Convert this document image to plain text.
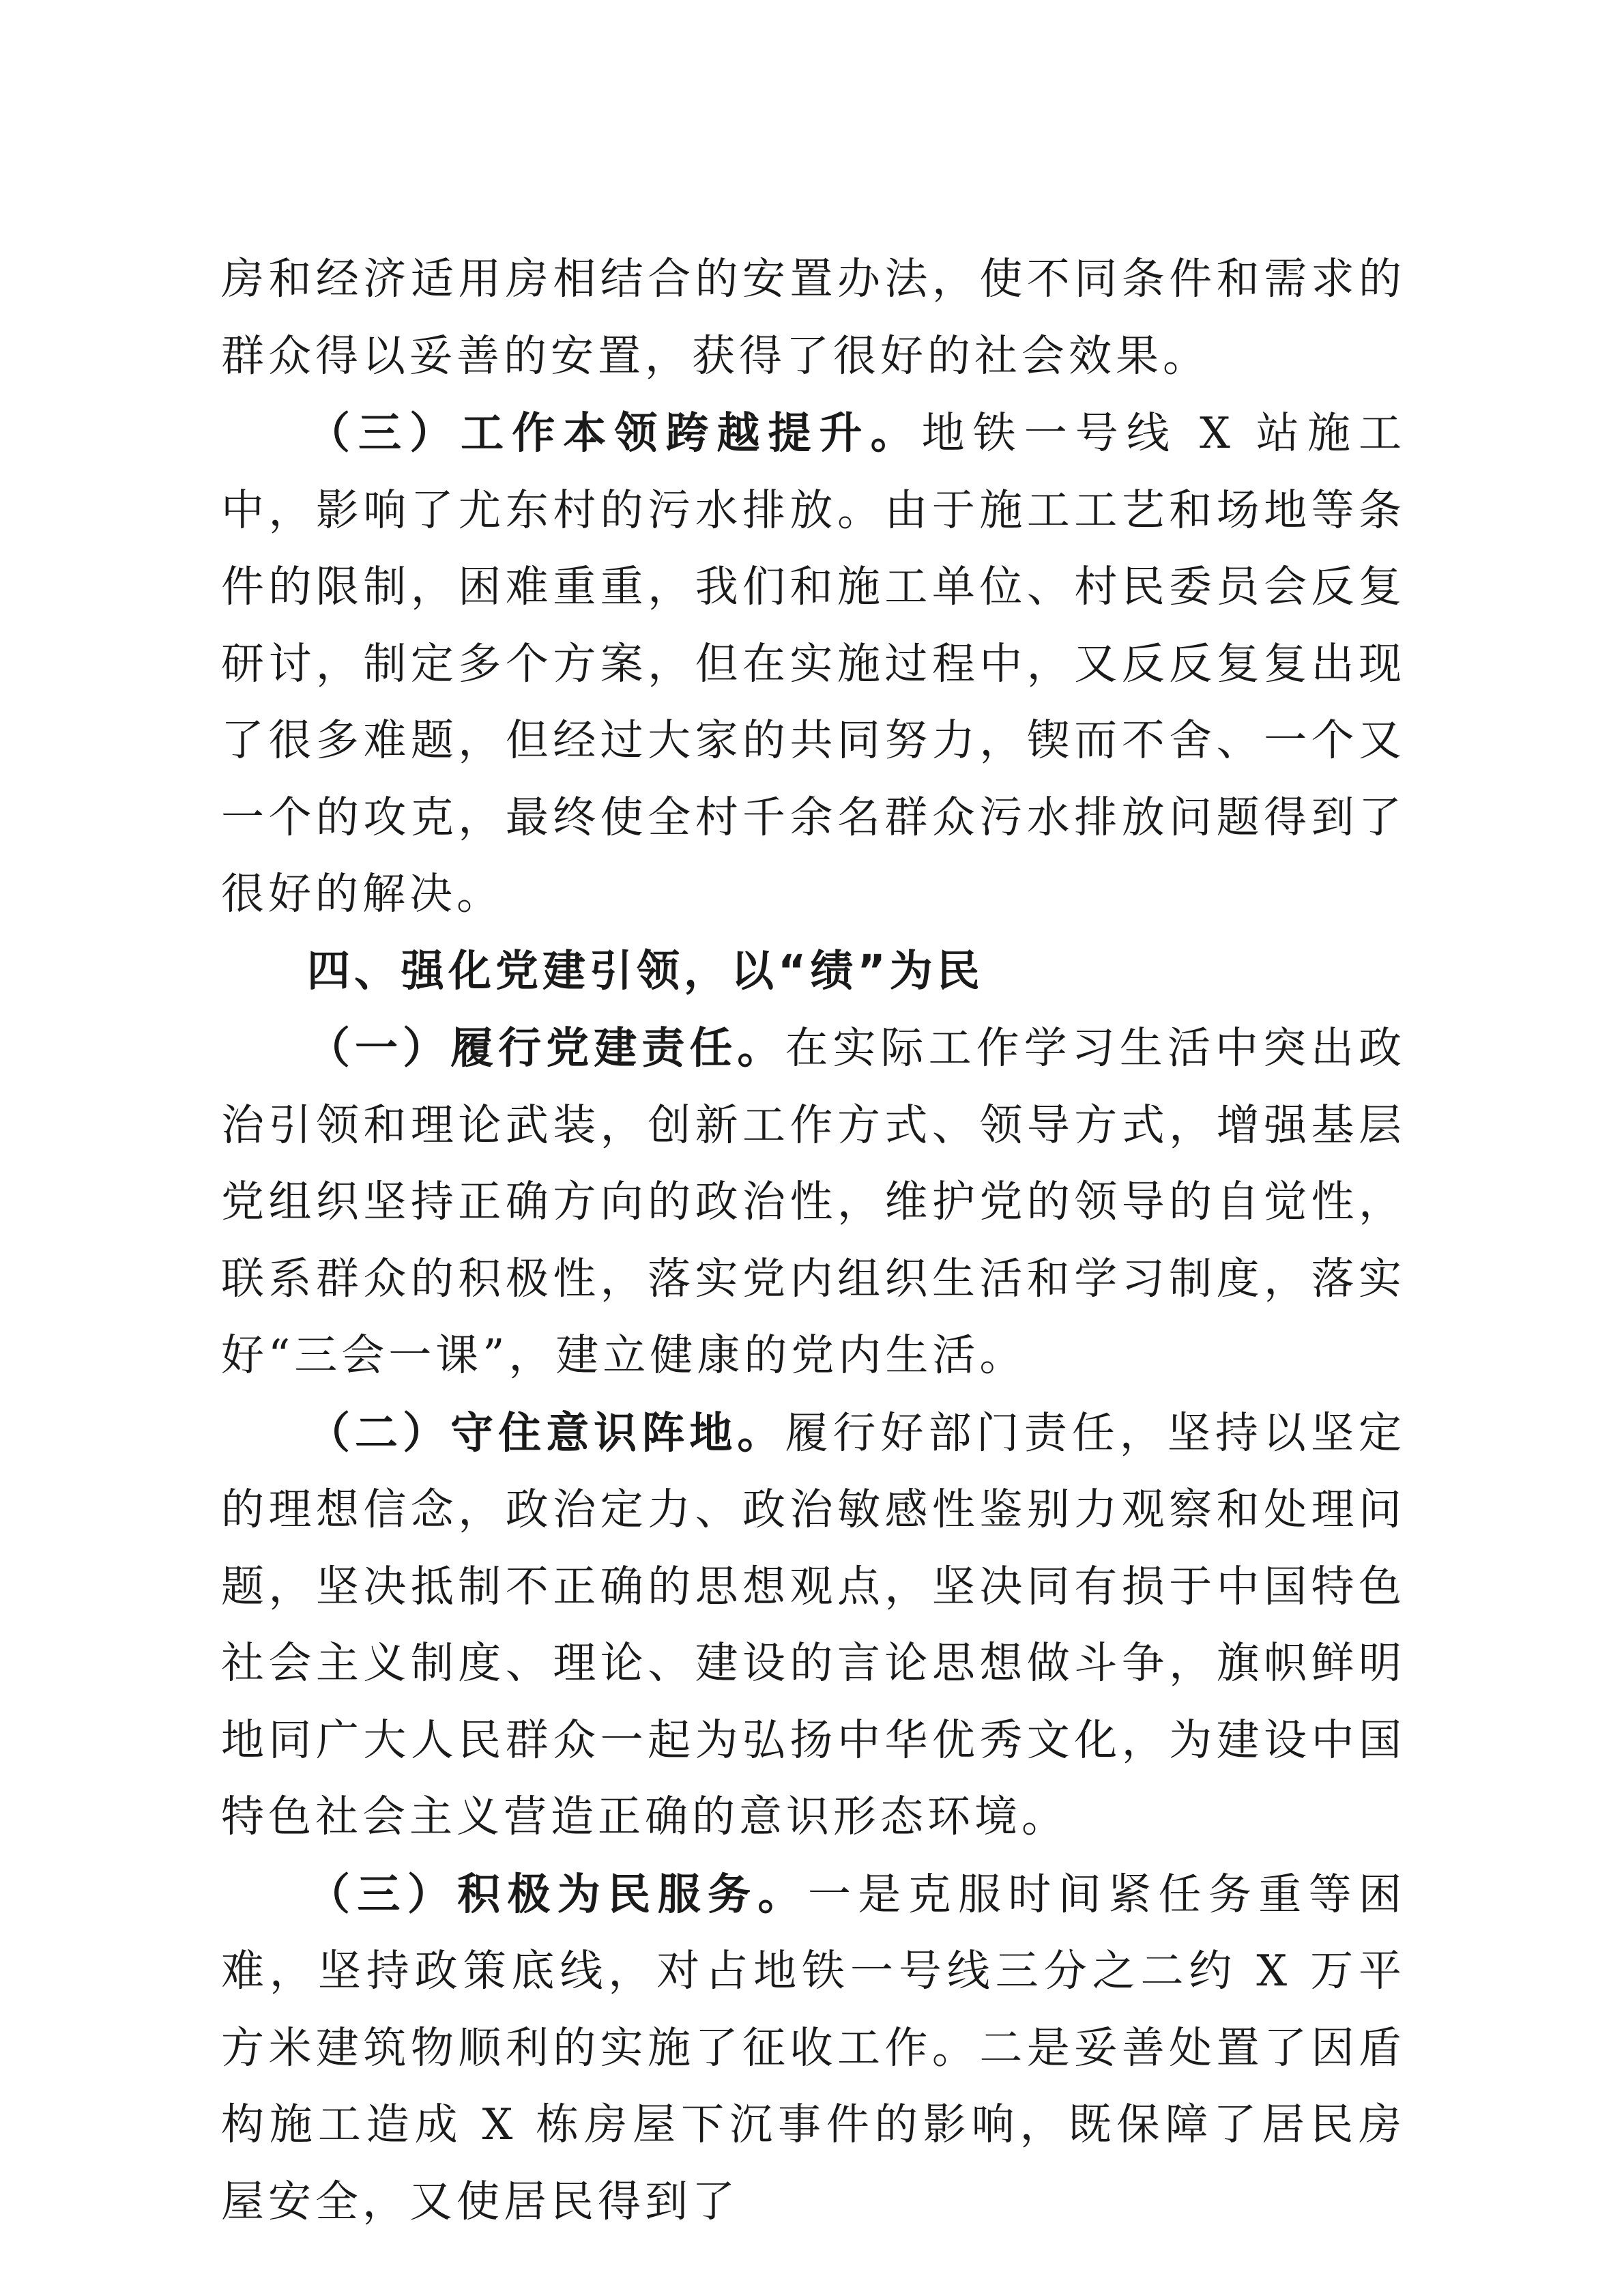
房和经济适用房相结合的安置办法，使不同条件和需求的群众得以妥善的安置，获得了很好的社会效果。

（三）工作本领跨越提升。地铁一号线 X 站施工中，影响了尤东村的污水排放。由于施工工艺和场地等条件的限制，困难重重，我们和施工单位、村民委员会反复研讨，制定多个方案，但在实施过程中，又反反复复出现了很多难题，但经过大家的共同努力，锲而不舍、一个又一个的攻克，最终使全村千余名群众污水排放问题得到了很好的解决。

四、强化党建引领，以“绩”为民

（一）履行党建责任。在实际工作学习生活中突出政治引领和理论武装，创新工作方式、领导方式，增强基层党组织坚持正确方向的政治性，维护党的领导的自觉性，联系群众的积极性，落实党内组织生活和学习制度，落实好“三会一课”，建立健康的党内生活。

（二）守住意识阵地。履行好部门责任，坚持以坚定的理想信念，政治定力、政治敏感性鉴别力观察和处理问题，坚决抵制不正确的思想观点，坚决同有损于中国特色社会主义制度、理论、建设的言论思想做斗争，旗帜鲜明地同广大人民群众一起为弘扬中华优秀文化，为建设中国特色社会主义营造正确的意识形态环境。

（三）积极为民服务。一是克服时间紧任务重等困难，坚持政策底线，对占地铁一号线三分之二约 X 万平方米建筑物顺利的实施了征收工作。二是妥善处置了因盾构施工造成 X 栋房屋下沉事件的影响，既保障了居民房屋安全，又使居民得到了
